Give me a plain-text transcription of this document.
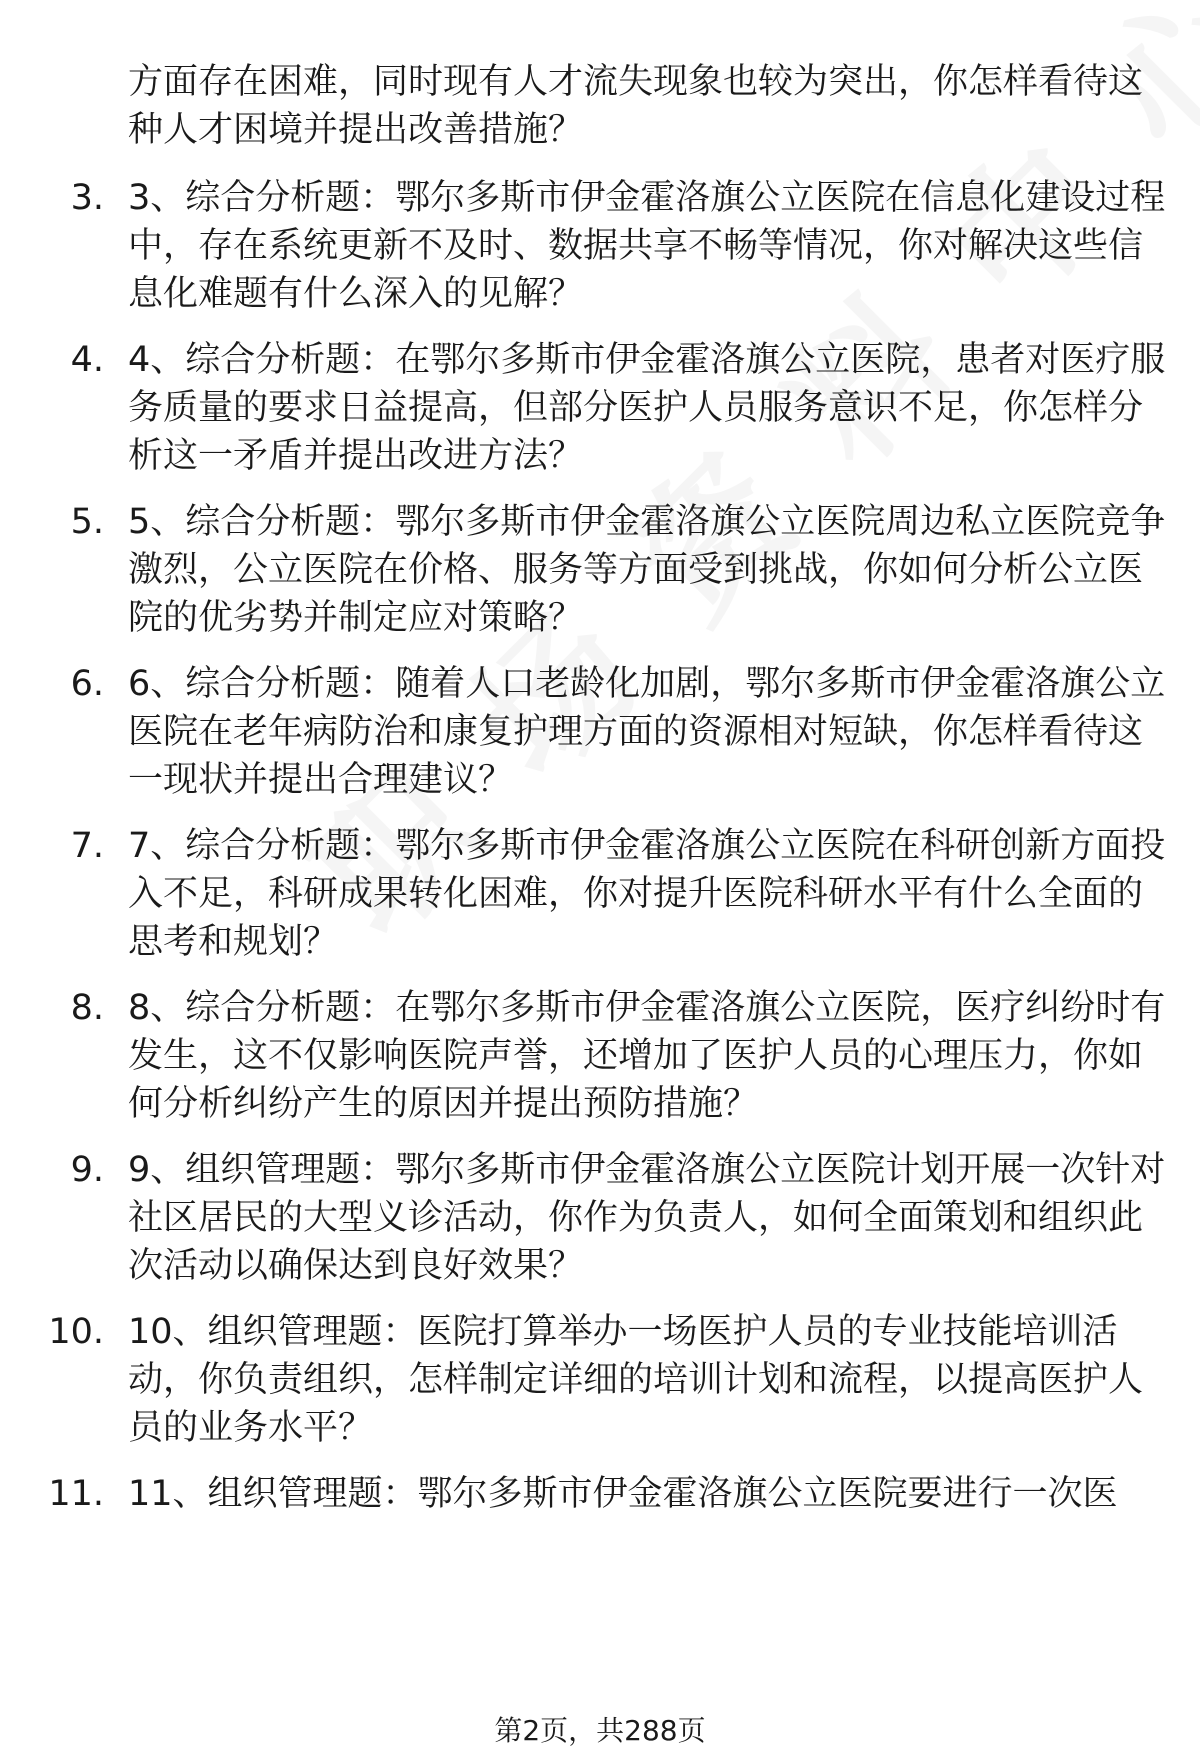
方面存在困难，同时现有人才流失现象也较为突出，你怎样看待这种人才困境并提出改善措施？
3. 3、综合分析题：鄂尔多斯市伊金霍洛旗公立医院在信息化建设过程中，存在系统更新不及时、数据共享不畅等情况，你对解决这些信息化难题有什么深入的见解？
4. 4、综合分析题：在鄂尔多斯市伊金霍洛旗公立医院，患者对医疗服务质量的要求日益提高，但部分医护人员服务意识不足，你怎样分析这一矛盾并提出改进方法？
5. 5、综合分析题：鄂尔多斯市伊金霍洛旗公立医院周边私立医院竞争激烈，公立医院在价格、服务等方面受到挑战，你如何分析公立医院的优劣势并制定应对策略？
6. 6、综合分析题：随着人口老龄化加剧，鄂尔多斯市伊金霍洛旗公立医院在老年病防治和康复护理方面的资源相对短缺，你怎样看待这一现状并提出合理建议？
7. 7、综合分析题：鄂尔多斯市伊金霍洛旗公立医院在科研创新方面投入不足，科研成果转化困难，你对提升医院科研水平有什么全面的思考和规划？
8. 8、综合分析题：在鄂尔多斯市伊金霍洛旗公立医院，医疗纠纷时有发生，这不仅影响医院声誉，还增加了医护人员的心理压力，你如何分析纠纷产生的原因并提出预防措施？
9. 9、组织管理题：鄂尔多斯市伊金霍洛旗公立医院计划开展一次针对社区居民的大型义诊活动，你作为负责人，如何全面策划和组织此次活动以确保达到良好效果？
10. 10、组织管理题：医院打算举办一场医护人员的专业技能培训活动，你负责组织，怎样制定详细的培训计划和流程，以提高医护人员的业务水平？
11. 11、组织管理题：鄂尔多斯市伊金霍洛旗公立医院要进行一次医
第2页，共288页
